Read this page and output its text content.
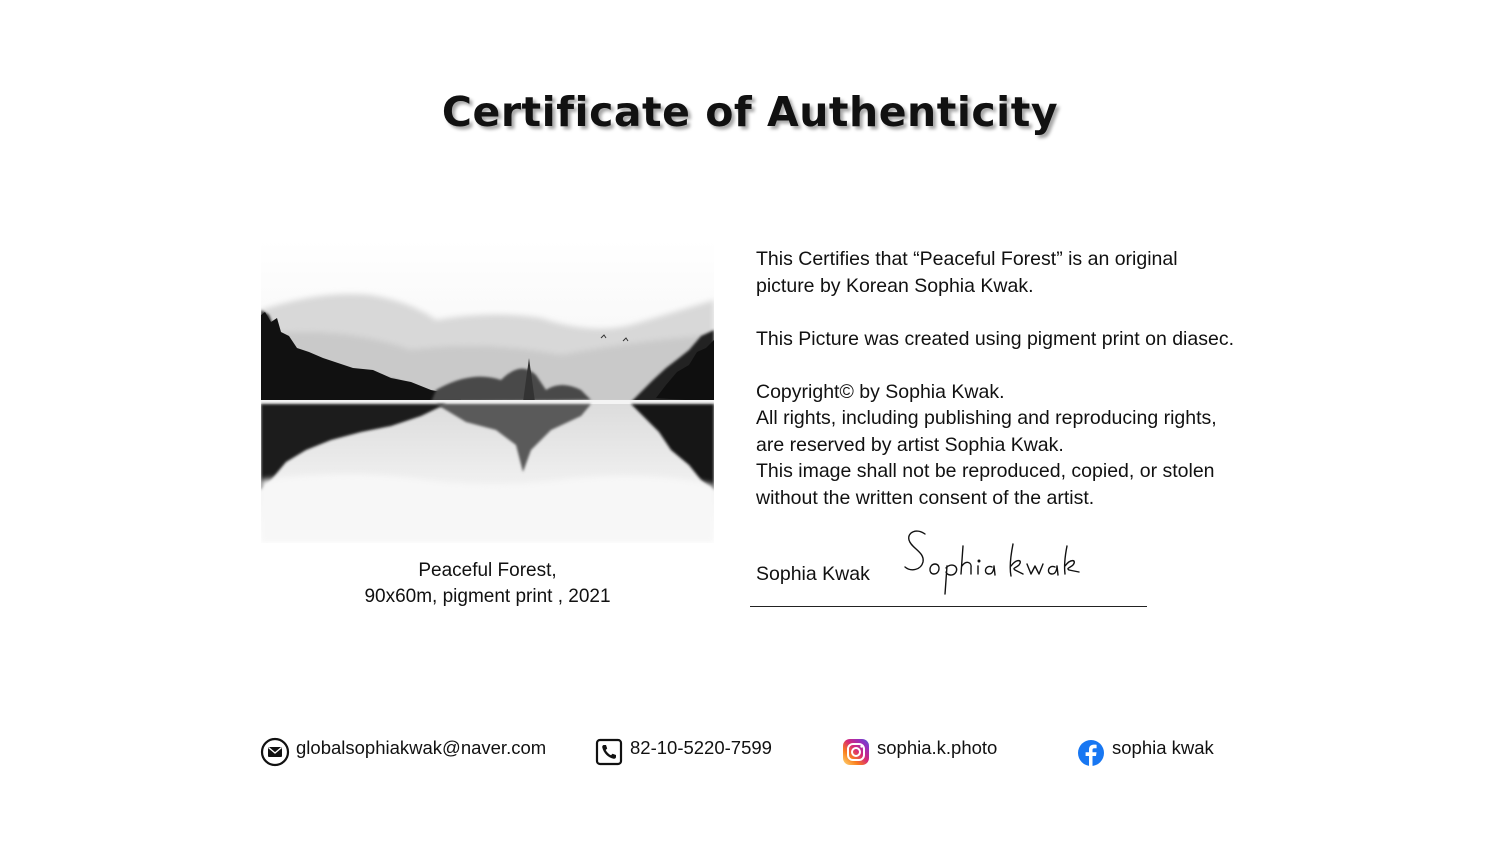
Certificate of Authenticity
Peaceful Forest,
90x60m, pigment print , 2021

This Certifies that “Peaceful Forest” is an original
picture by Korean Sophia Kwak.

This Picture was created using pigment print on diasec.

Copyright© by Sophia Kwak.
All rights, including publishing and reproducing rights,
are reserved by artist Sophia Kwak.
This image shall not be reproduced, copied, or stolen
without the written consent of the artist.

Sophia Kwak
globalsophiakwak@naver.com	82-10-5220-7599	sophia.k.photo	sophia kwak
